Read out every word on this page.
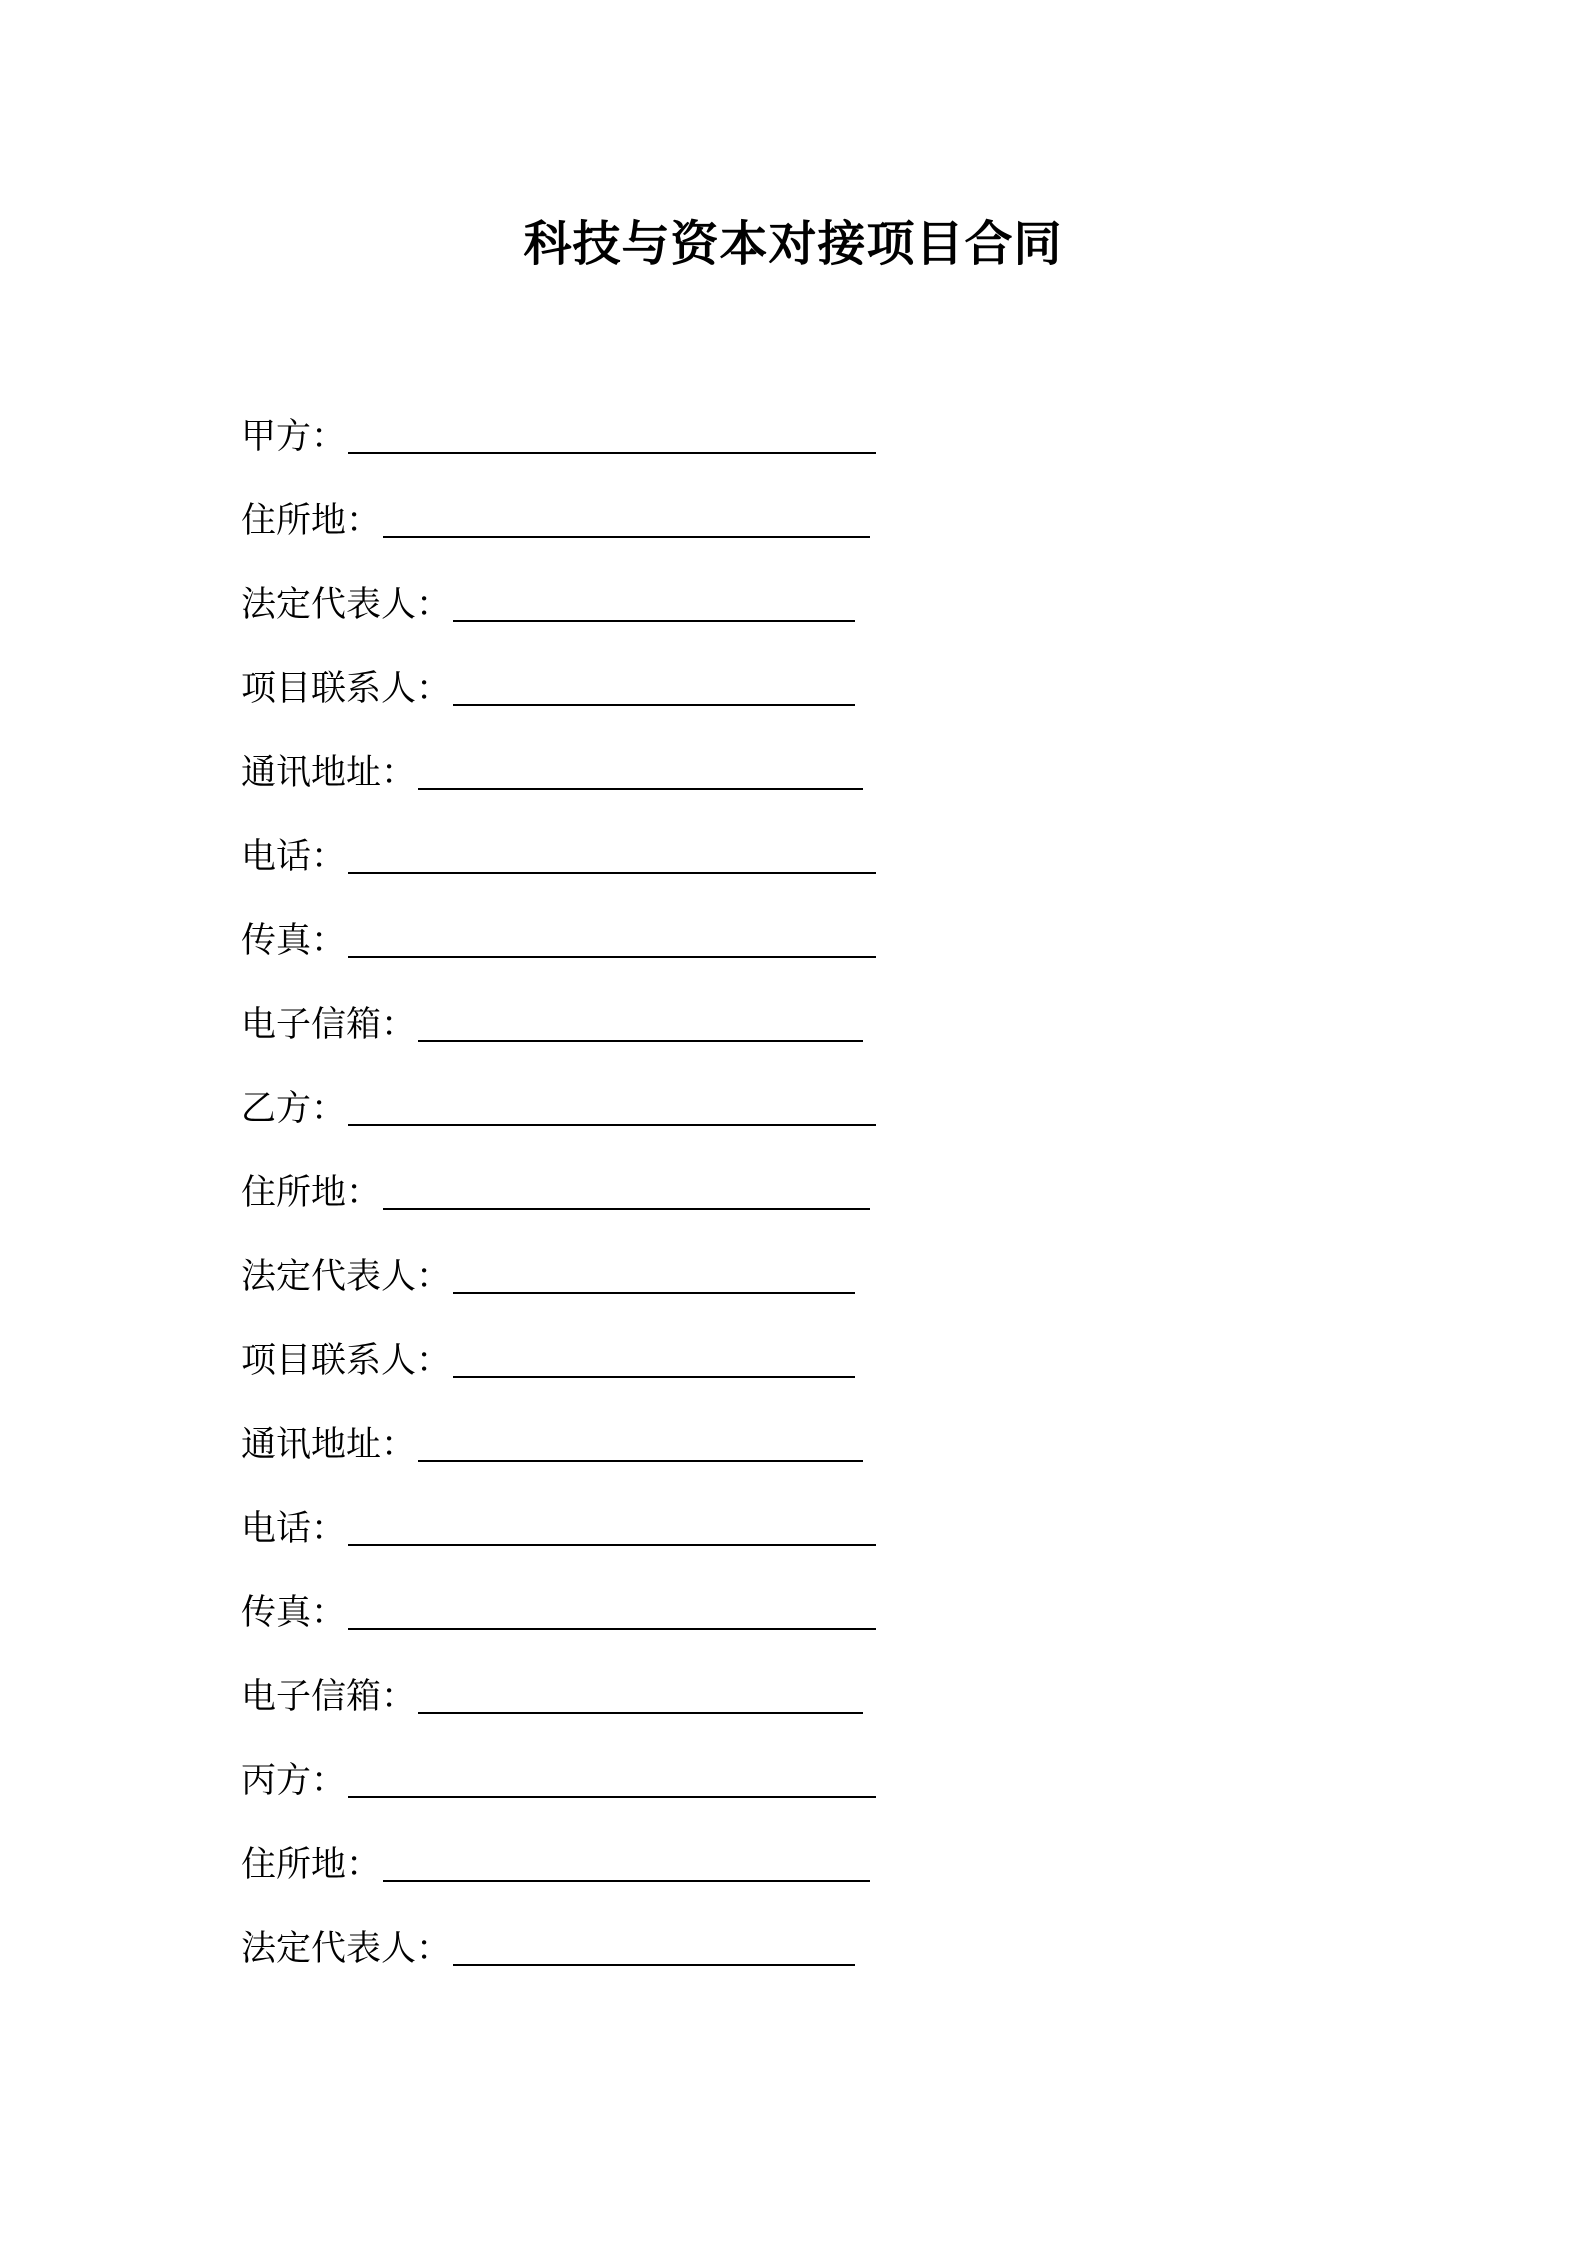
科技与资本对接项目合同
甲方：
住所地：
法定代表人：
项目联系人：
通讯地址：
电话：
传真：
电子信箱：
乙方：
住所地：
法定代表人：
项目联系人：
通讯地址：
电话：
传真：
电子信箱：
丙方：
住所地：
法定代表人：
